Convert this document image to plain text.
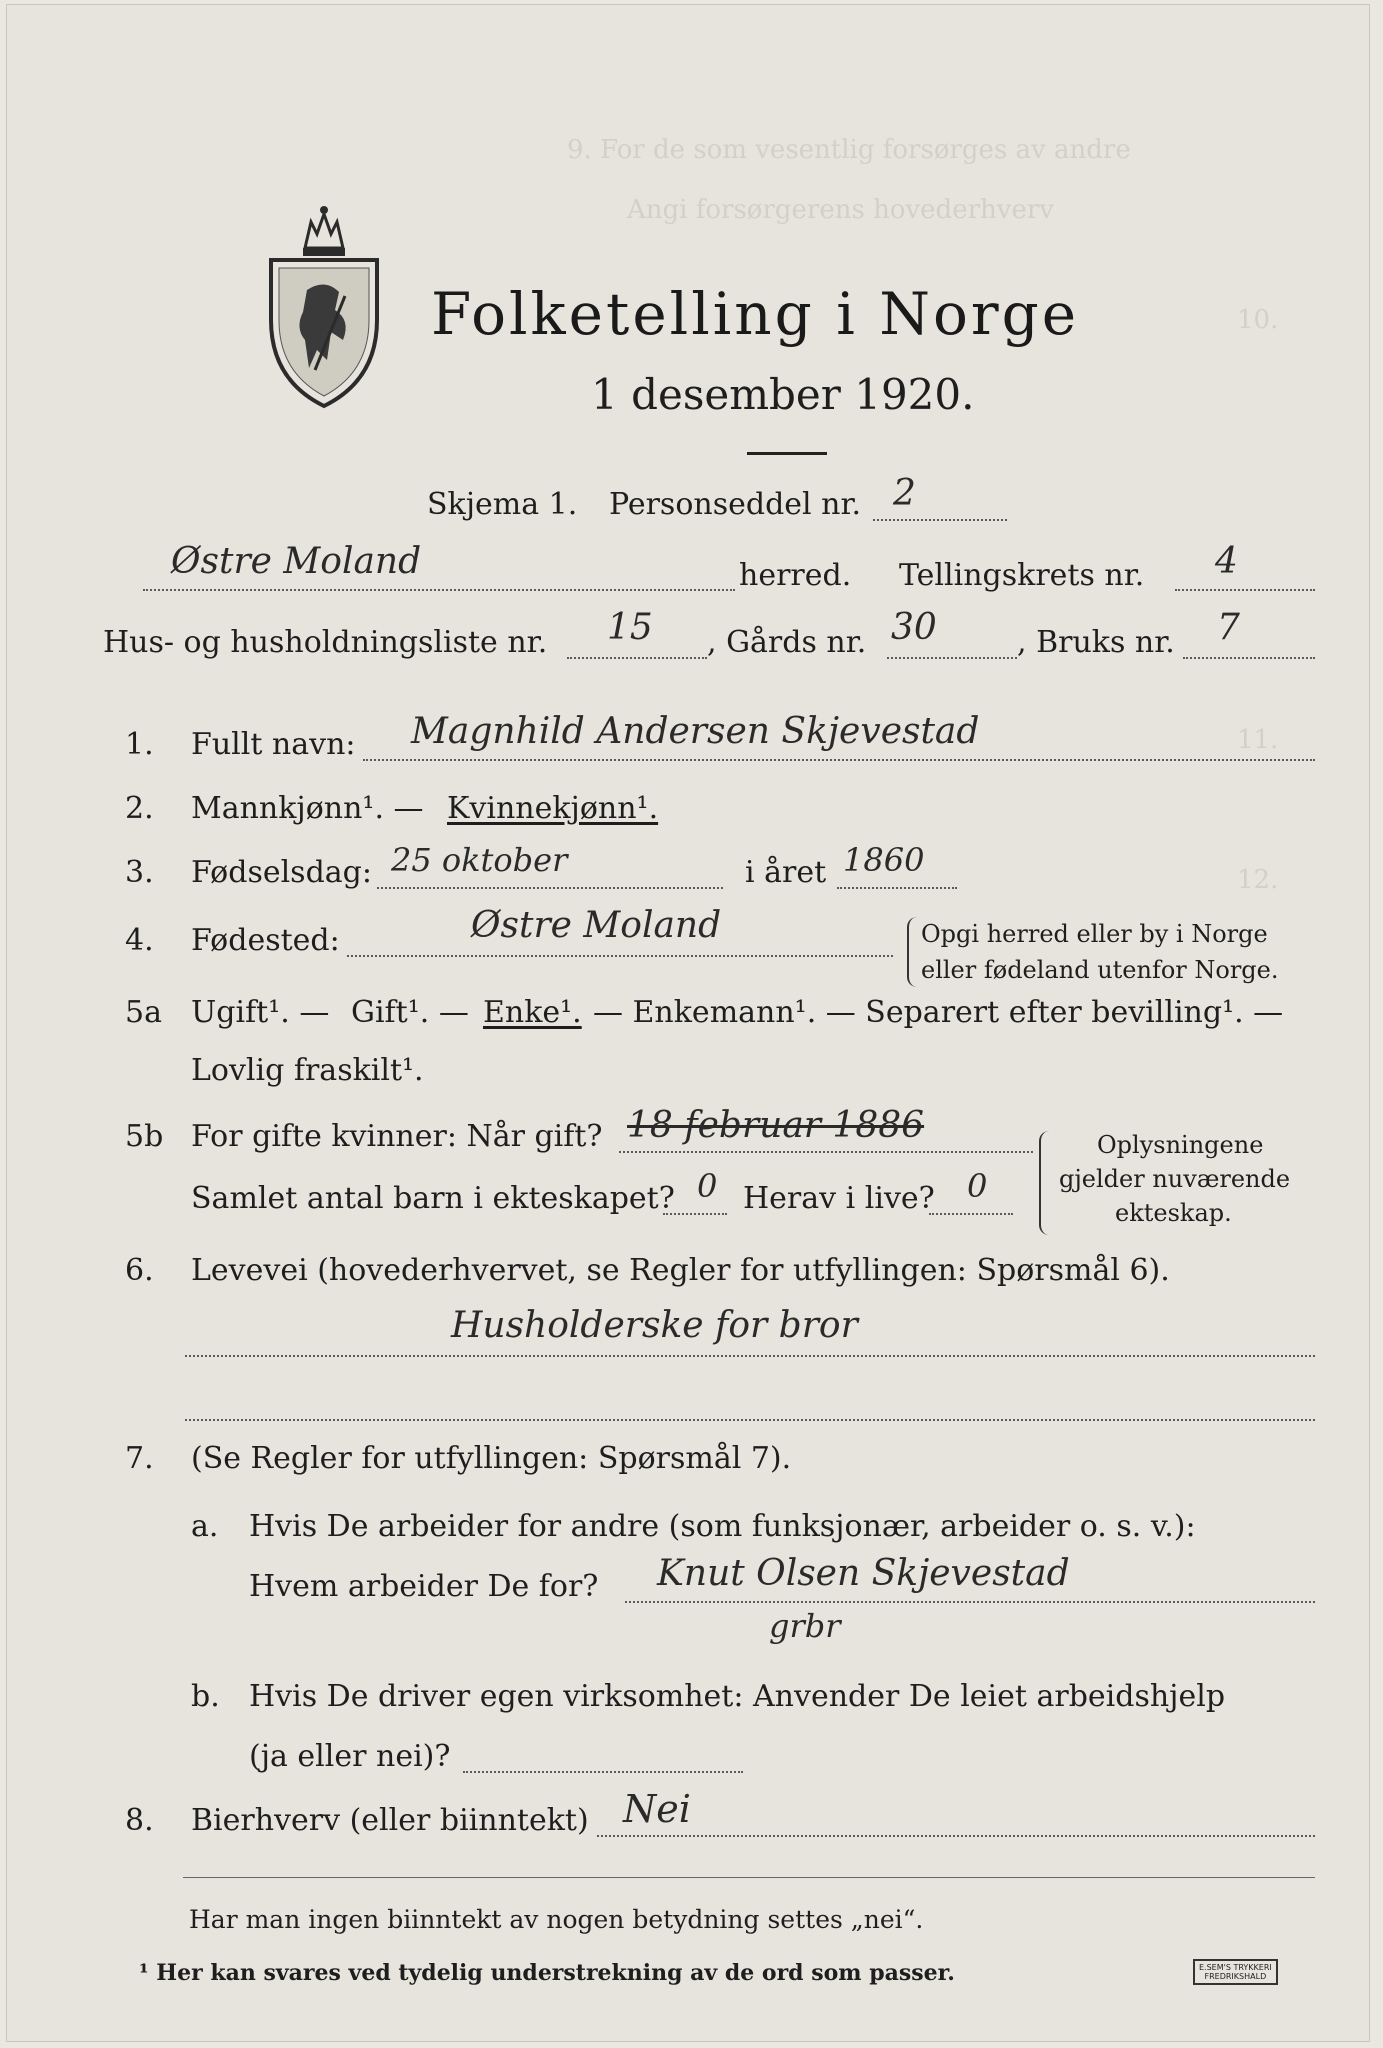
9. For de som vesentlig forsørges av andre
Angi forsørgerens hovederhverv
10.
11.
12.
Folketelling i Norge
1 desember 1920.
Skjema 1. Personseddel nr. 2
Østre Moland	herred. Tellingskrets nr. 4
Hus- og husholdningsliste nr. 15 , Gårds nr. 30	, Bruks nr. 7
1. Fullt navn: Magnhild Andersen Skjevestad
2. Mannkjønn¹. — Kvinnekjønn¹.
3. Fødselsdag: 25 oktober	i året 1860
4. Fødested:	Østre Moland	Opgi herred eller by i Norge
eller fødeland utenfor Norge.
5a Ugift¹. — Gift¹. — Enke¹. — Enkemann¹. — Separert efter bevilling¹. —
Lovlig fraskilt¹.
5b For gifte kvinner: Når gift? 18 februar 1886
Samlet antal barn i ekteskapet? 0 Herav i live? 0
Oplysningene
gjelder nuværende
ekteskap.
6. Levevei (hovederhvervet, se Regler for utfyllingen: Spørsmål 6).
Husholderske for bror
7. (Se Regler for utfyllingen: Spørsmål 7).
a. Hvis De arbeider for andre (som funksjonær, arbeider o. s. v.):
Hvem arbeider De for? Knut Olsen Skjevestad
grbr
b. Hvis De driver egen virksomhet: Anvender De leiet arbeidshjelp
(ja eller nei)?
8. Bierhverv (eller biinntekt) Nei
Har man ingen biinntekt av nogen betydning settes „nei“.
¹ Her kan svares ved tydelig understrekning av de ord som passer.	E.SEM'S TRYKKERI
FREDRIKSHALD
